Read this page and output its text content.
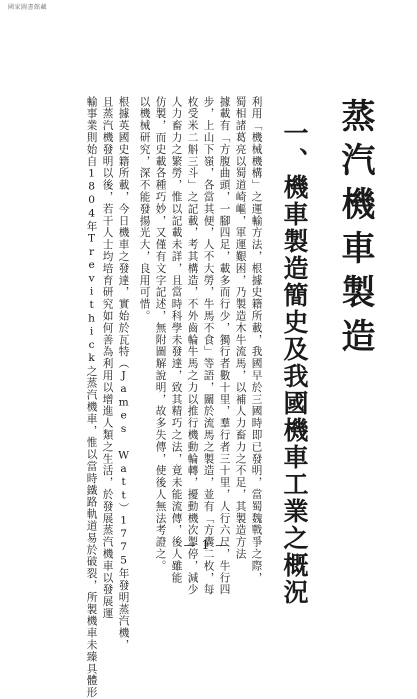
國家圖書館藏
蒸汽機車製造
一、機車製造簡史及我國機車工業之概況
利用「機械機構」之運輸方法，根據史籍所載，我國早於三國時即已發明，當蜀魏戰爭之際，
蜀相諸葛亮以蜀道崎嶇，軍運艱困，乃製造木牛流馬，以補人力畜力之不足，其製造方法
據載有「方腹曲頭，一腳四足，載多而行少，獨行者數十里，羣行者三十里，人行六尺，牛行四
步，上山下嶺，各當其便，人不大勞，牛馬不食」等語，關於流馬之製造，並有「方囊二枚，每
枚受米二斛三斗」之記載，考其構造，不外齒輪牛馬之力以推行機動輪轉，擾動機次掣停，減少
人力畜力之繁勞，惟以記載未詳，且當時科學未發達，致其精巧之法，竟未能流傳，後人雖能
仿製，而史載各種巧妙，又僅有文字記述，無附圖解說明，故多失傳，使後人無法考證之。
以機械研究，深不能發揚光大，良用可惜。
根據英國史籍所載，今日機車之發達，實始於瓦特（James Watt）1775年發明蒸汽機，
且蒸汽機發明以後，若干人士均培育研究如何善為利用以增進人類之生活，於發展蒸汽機車以發展運
輸事業則始自1804年Trevithick之蒸汽機車，惟以當時鐵路軌道易於破裂，所製機車未臻具體形	—1—
